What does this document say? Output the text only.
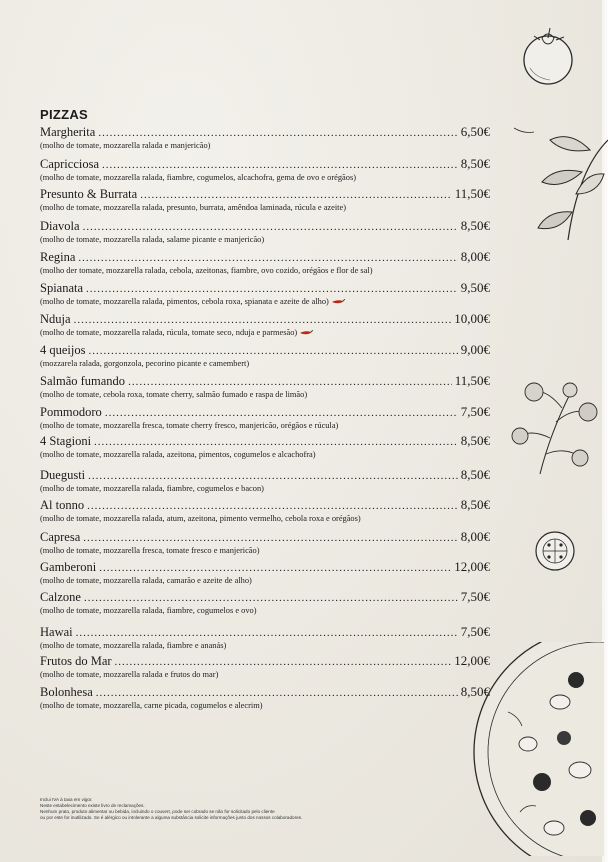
PIZZAS
Margherita .....	6,50€
(molho de tomate, mozzarella ralada e manjericão)
Capricciosa .....	8,50€
(molho de tomate, mozzarella ralada, fiambre, cogumelos, alcachofra, gema de ovo e orégãos)
Presunto & Burrata .....	11,50€
(molho de tomate, mozzarella ralada, presunto, burrata, amêndoa laminada, rúcula e azeite)
Diavola .....	8,50€
(molho de tomate, mozzarella ralada, salame picante e manjericão)
Regina .....	8,00€
(molho der tomate, mozzarella ralada, cebola, azeitonas, fiambre, ovo cozido, orégãos e flor de sal)
Spianata .....	9,50€
(molho de tomate, mozzarella ralada, pimentos, cebola roxa, spianata e azeite de alho)
Nduja .....	10,00€
(molho de tomate, mozzarella ralada, rúcula, tomate seco, nduja e parmesão)
4 queijos .....	9,00€
(mozzarela ralada, gorgonzola, pecorino picante e camembert)
Salmão fumando .....	11,50€
(molho de tomate, cebola roxa, tomate cherry, salmão fumado e raspa de limão)
Pommodoro .....	7,50€
(molho de tomate, mozzarella fresca, tomate cherry fresco, manjericão, orégãos e rúcula)
4 Stagioni .....	8,50€
(molho de tomate, mozzarella ralada, azeitona, pimentos, cogumelos e alcachofra)
Duegusti .....	8,50€
(molho de tomate, mozzarella ralada, fiambre, cogumelos e bacon)
Al tonno .....	8,50€
(molho de tomate, mozzarella ralada, atum, azeitona, pimento vermelho, cebola roxa e orégãos)
Capresa .....	8,00€
(molho de tomate, mozzarella fresca, tomate fresco e manjericão)
Gamberoni .....	12,00€
(molho de tomate, mozzarella ralada, camarão e azeite de alho)
Calzone .....	7,50€
(molho de tomate, mozzarella ralada, fiambre, cogumelos e ovo)
Hawai .....	7,50€
(molho de tomate, mozzarella ralada, fiambre e ananás)
Frutos do Mar .....	12,00€
(molho de tomate, mozzarella ralada e frutos do mar)
Bolonhesa .....	8,50€
(molho de tomate, mozzarella, carne picada, cogumelos e alecrim)
Inclui IVA à taxa em vigor.
Neste estabelecimento existe livro de reclamações.
Nenhum prato, produto alimentar ou bebida, incluindo o couvert, pode ser cobrado se não for solicitado pelo cliente
ou por este for inutilizado. Se é alérgico ou intolerante a alguma substância solicite informações junto dos nossos colaboradores.
